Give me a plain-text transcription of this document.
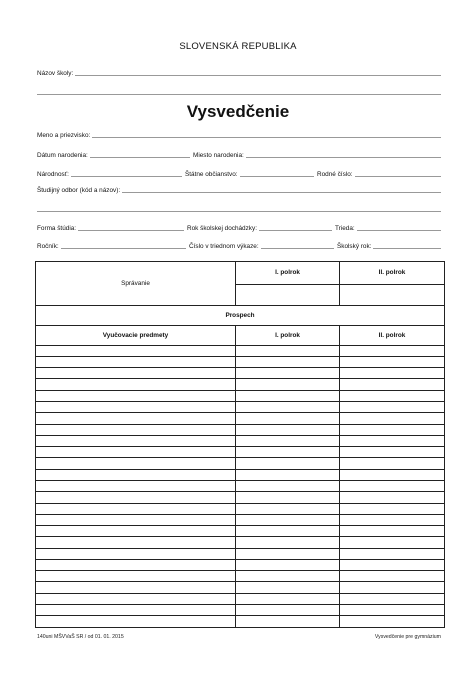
SLOVENSKÁ REPUBLIKA
Názov školy:
Vysvedčenie
Meno a priezvisko:
Dátum narodenia:	Miesto narodenia:
Národnosť:	Štátne občianstvo:	Rodné číslo:
Študijný odbor (kód a názov):
Forma štúdia:	Rok školskej dochádzky:	Trieda:
Ročník:	Číslo v triednom výkaze:	Školský rok:
Správanie	I. polrok	II. polrok

Prospech		
Vyučovacie predmety	I. polrok	II. polrok

140uni MŠVVaŠ SR / od 01. 01. 2015	Vysvedčenie pre gymnázium
